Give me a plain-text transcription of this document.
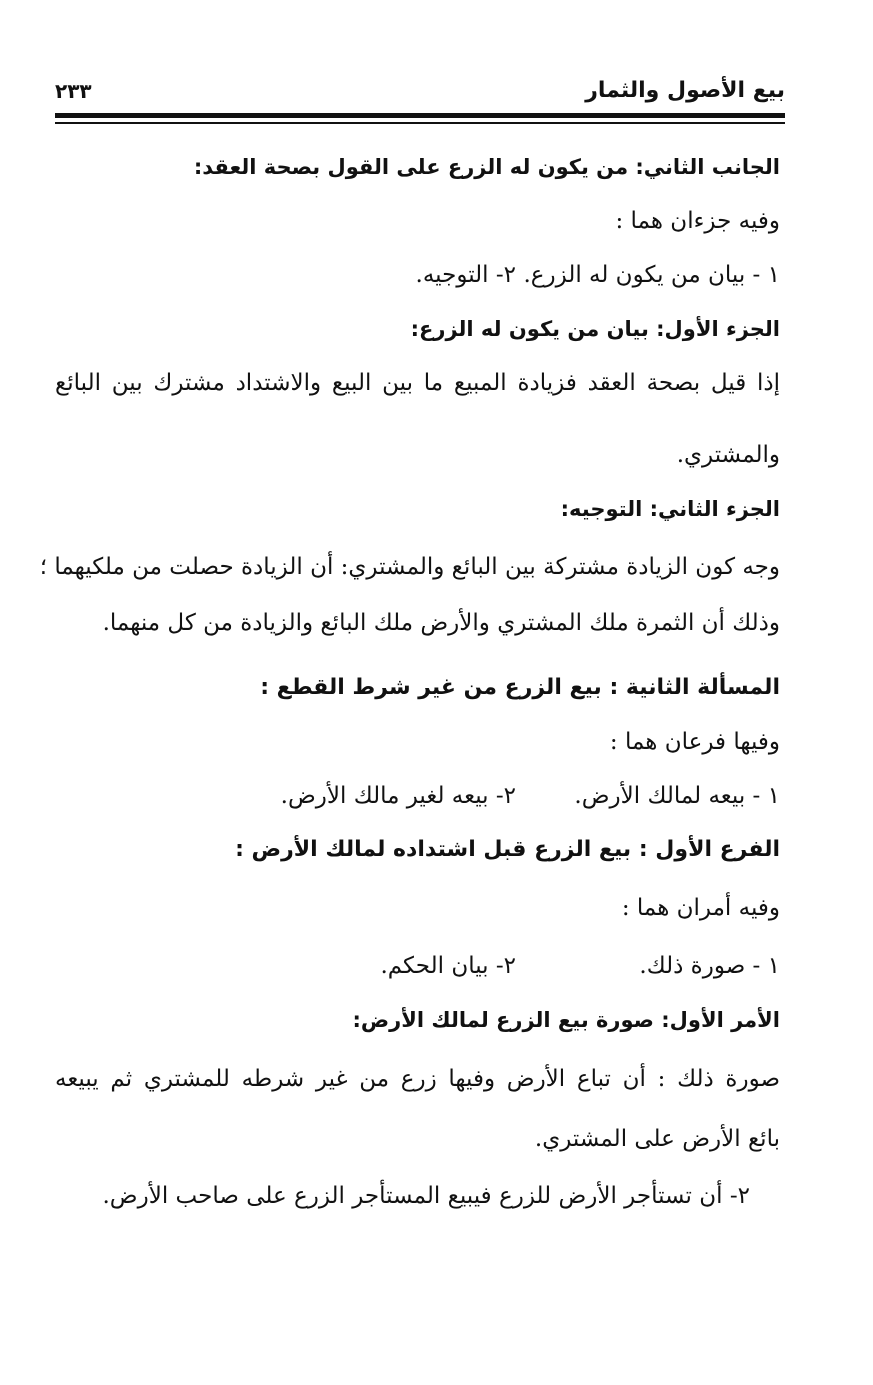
بيع الأصول والثمار
٢٣٣
الجانب الثاني: من يكون له الزرع على القول بصحة العقد:
وفيه جزءان هما :
١ - بيان من يكون له الزرع.
٢- التوجيه.
الجزء الأول: بيان من يكون له الزرع:
إذا قيل بصحة العقد فزيادة المبيع ما بين البيع والاشتداد مشترك بين البائع
والمشتري.
الجزء الثاني: التوجيه:
وجه كون الزيادة مشتركة بين البائع والمشتري: أن الزيادة حصلت من ملكيهما ؛
وذلك أن الثمرة ملك المشتري والأرض ملك البائع والزيادة من كل منهما.
المسألة الثانية : بيع الزرع من غير شرط القطع :
وفيها فرعان هما :
١ - بيعه لمالك الأرض.
٢- بيعه لغير مالك الأرض.
الفرع الأول : بيع الزرع قبل اشتداده لمالك الأرض :
وفيه أمران هما :
١ - صورة ذلك.
٢- بيان الحكم.
الأمر الأول: صورة بيع الزرع لمالك الأرض:
صورة ذلك : أن تباع الأرض وفيها زرع من غير شرطه للمشتري ثم يبيعه
بائع الأرض على المشتري.
٢- أن تستأجر الأرض للزرع فيبيع المستأجر الزرع على صاحب الأرض.
